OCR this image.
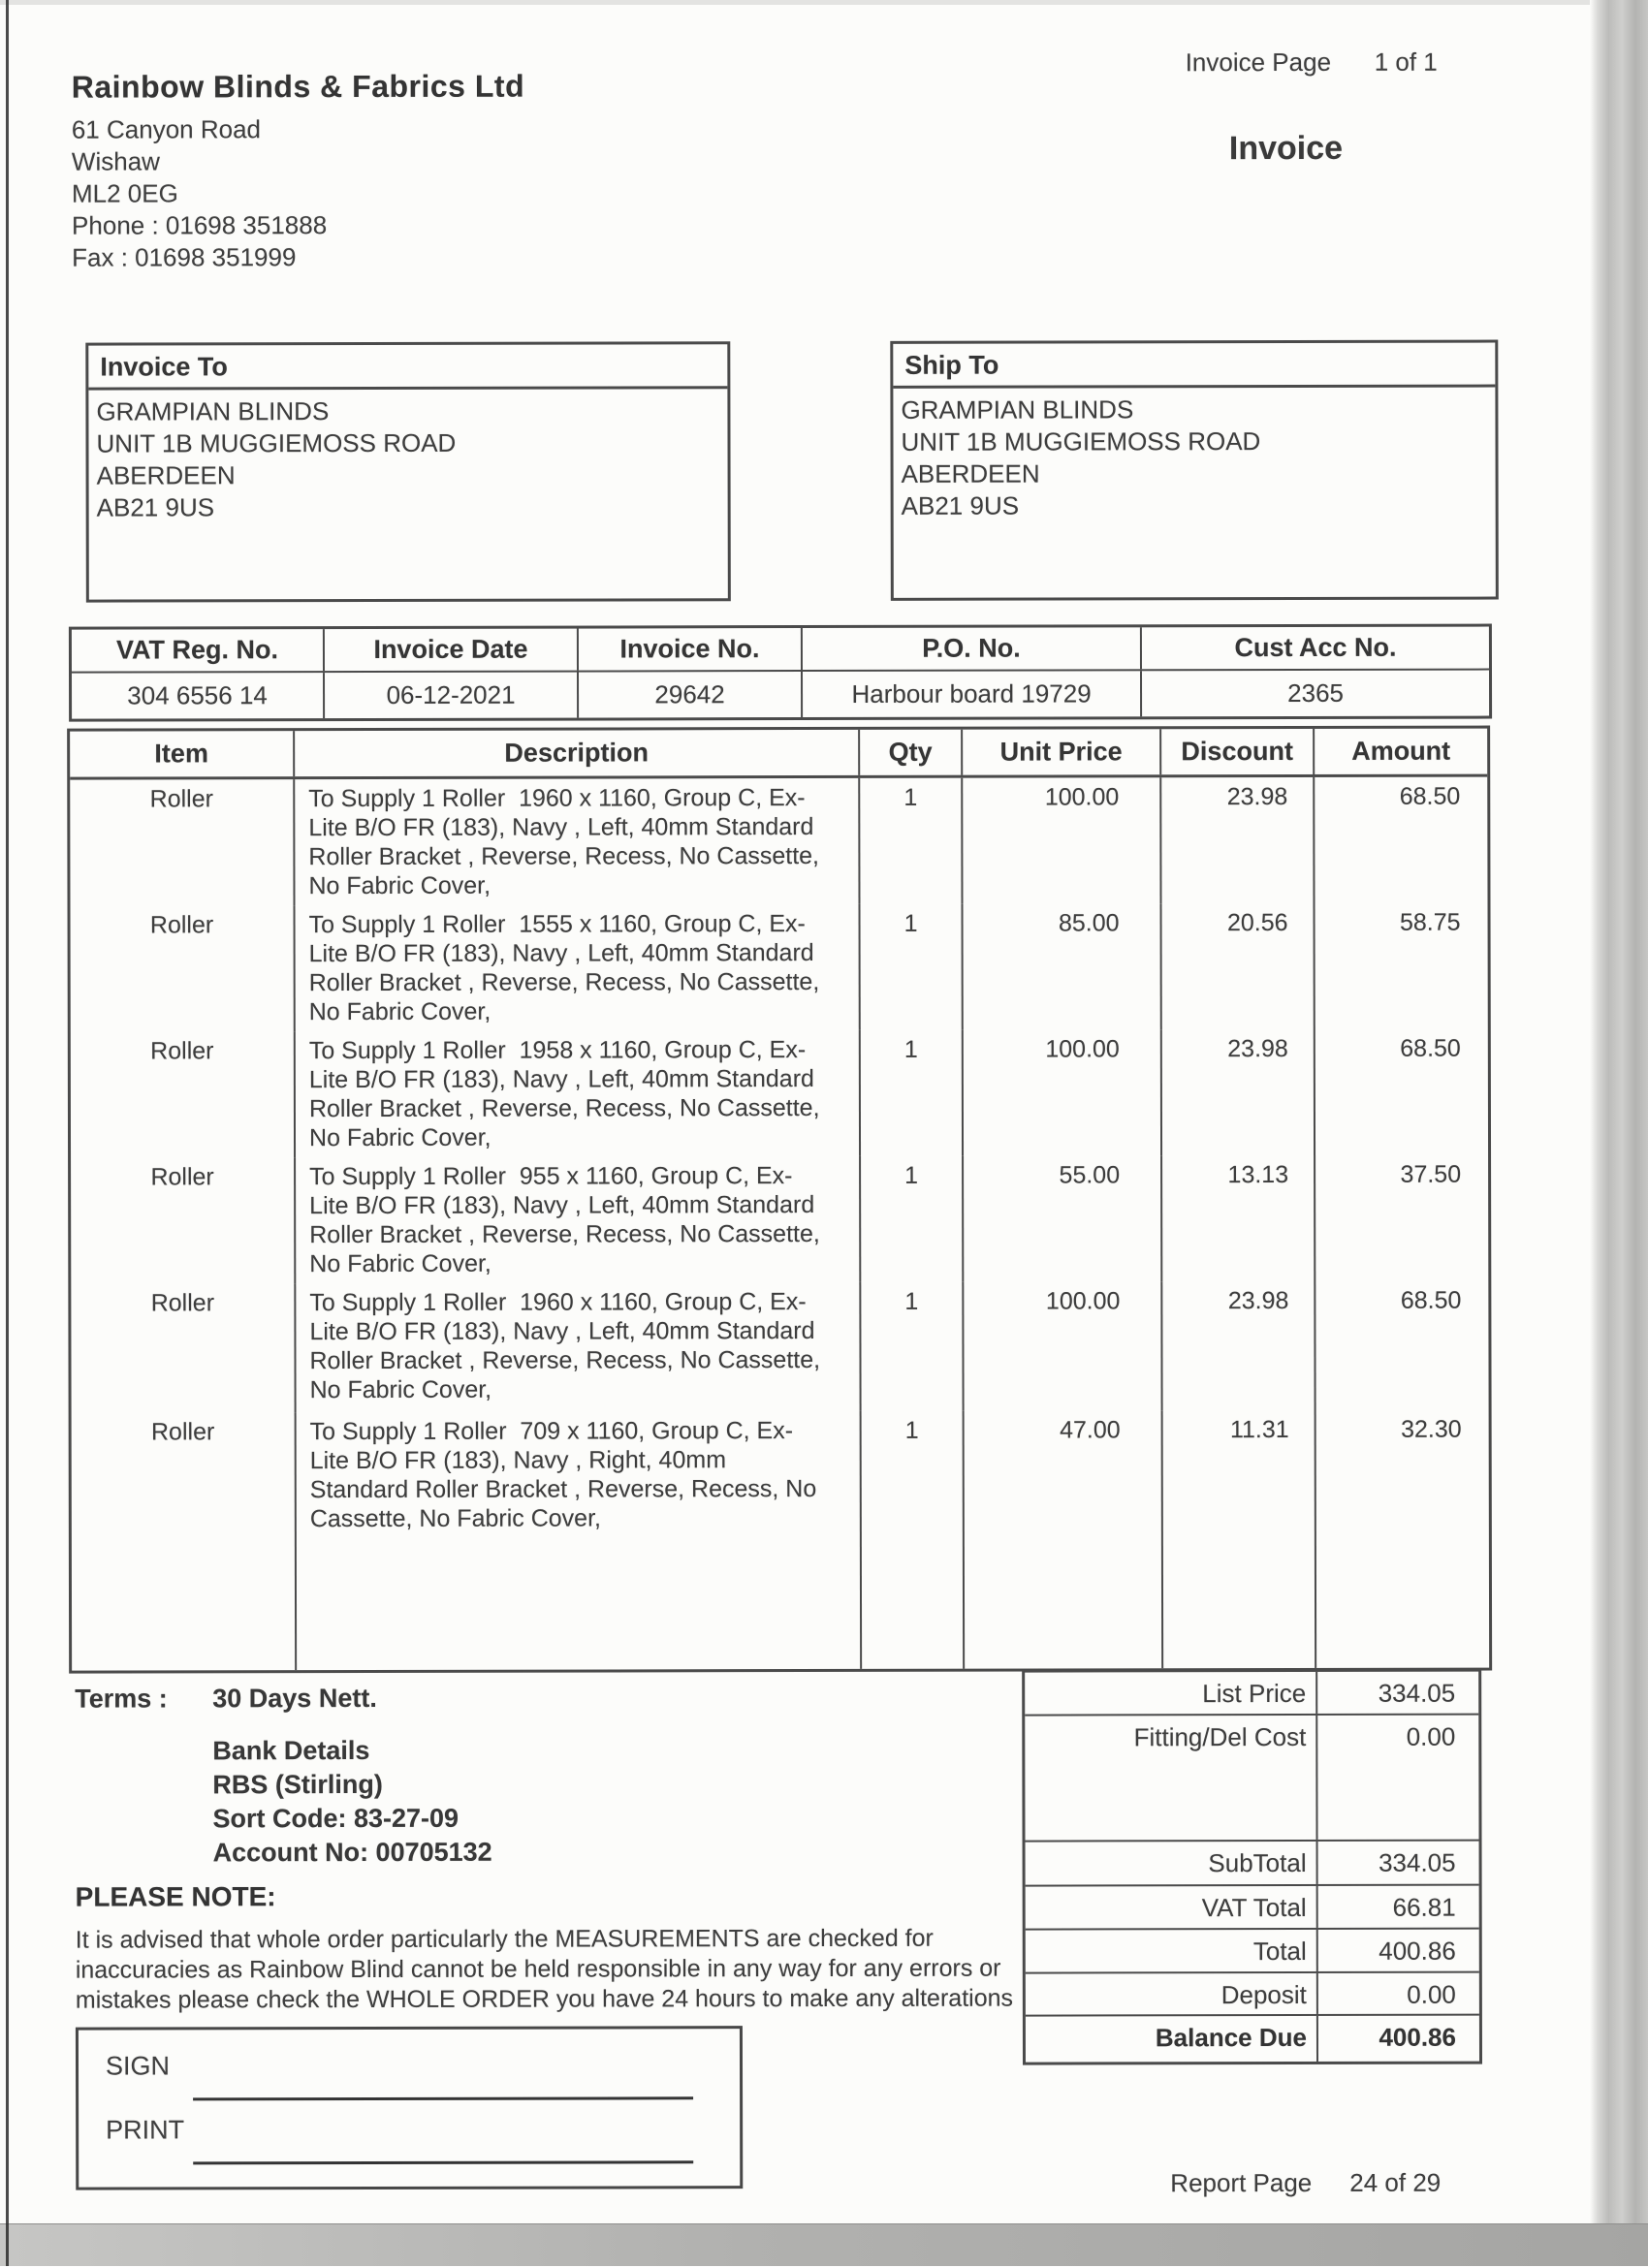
Rainbow Blinds & Fabrics Ltd
61 Canyon Road
Wishaw
ML2 0EG
Phone : 01698 351888
Fax : 01698 351999
Invoice Page 1 of 1
Invoice
Invoice To
GRAMPIAN BLINDS
UNIT 1B MUGGIEMOSS ROAD
ABERDEEN
AB21 9US
Ship To
GRAMPIAN BLINDS
UNIT 1B MUGGIEMOSS ROAD
ABERDEEN
AB21 9US
VAT Reg. No.	Invoice Date	Invoice No.	P.O. No.	Cust Acc No.
304 6556 14	06-12-2021	29642	Harbour board 19729	2365
Item	Description	Qty	Unit Price	Discount	Amount
Roller	To Supply 1 Roller  1960 x 1160, Group C, Ex-
Lite B/O FR (183), Navy , Left, 40mm Standard
Roller Bracket , Reverse, Recess, No Cassette,
No Fabric Cover,
1	100.00	23.98	68.50
Roller	To Supply 1 Roller  1555 x 1160, Group C, Ex-
Lite B/O FR (183), Navy , Left, 40mm Standard
Roller Bracket , Reverse, Recess, No Cassette,
No Fabric Cover,
1	85.00	20.56	58.75
Roller	To Supply 1 Roller  1958 x 1160, Group C, Ex-
Lite B/O FR (183), Navy , Left, 40mm Standard
Roller Bracket , Reverse, Recess, No Cassette,
No Fabric Cover,
1	100.00	23.98	68.50
Roller	To Supply 1 Roller  955 x 1160, Group C, Ex-
Lite B/O FR (183), Navy , Left, 40mm Standard
Roller Bracket , Reverse, Recess, No Cassette,
No Fabric Cover,
1	55.00	13.13	37.50
Roller	To Supply 1 Roller  1960 x 1160, Group C, Ex-
Lite B/O FR (183), Navy , Left, 40mm Standard
Roller Bracket , Reverse, Recess, No Cassette,
No Fabric Cover,
1	100.00	23.98	68.50
Roller	To Supply 1 Roller  709 x 1160, Group C, Ex-
Lite B/O FR (183), Navy , Right, 40mm
Standard Roller Bracket , Reverse, Recess, No
Cassette, No Fabric Cover,
1	47.00	11.31	32.30
Terms : 30 Days Nett.
Bank Details
RBS (Stirling)
Sort Code: 83-27-09
Account No: 00705132
PLEASE NOTE:
It is advised that whole order particularly the MEASUREMENTS are checked for
inaccuracies as Rainbow Blind cannot be held responsible in any way for any errors or
mistakes please check the WHOLE ORDER you have 24 hours to make any alterations
List Price	334.05
Fitting/Del Cost	0.00
SubTotal	334.05
VAT Total	66.81
Total	400.86
Deposit	0.00
Balance Due	400.86
SIGN
PRINT
Report Page 24 of 29
